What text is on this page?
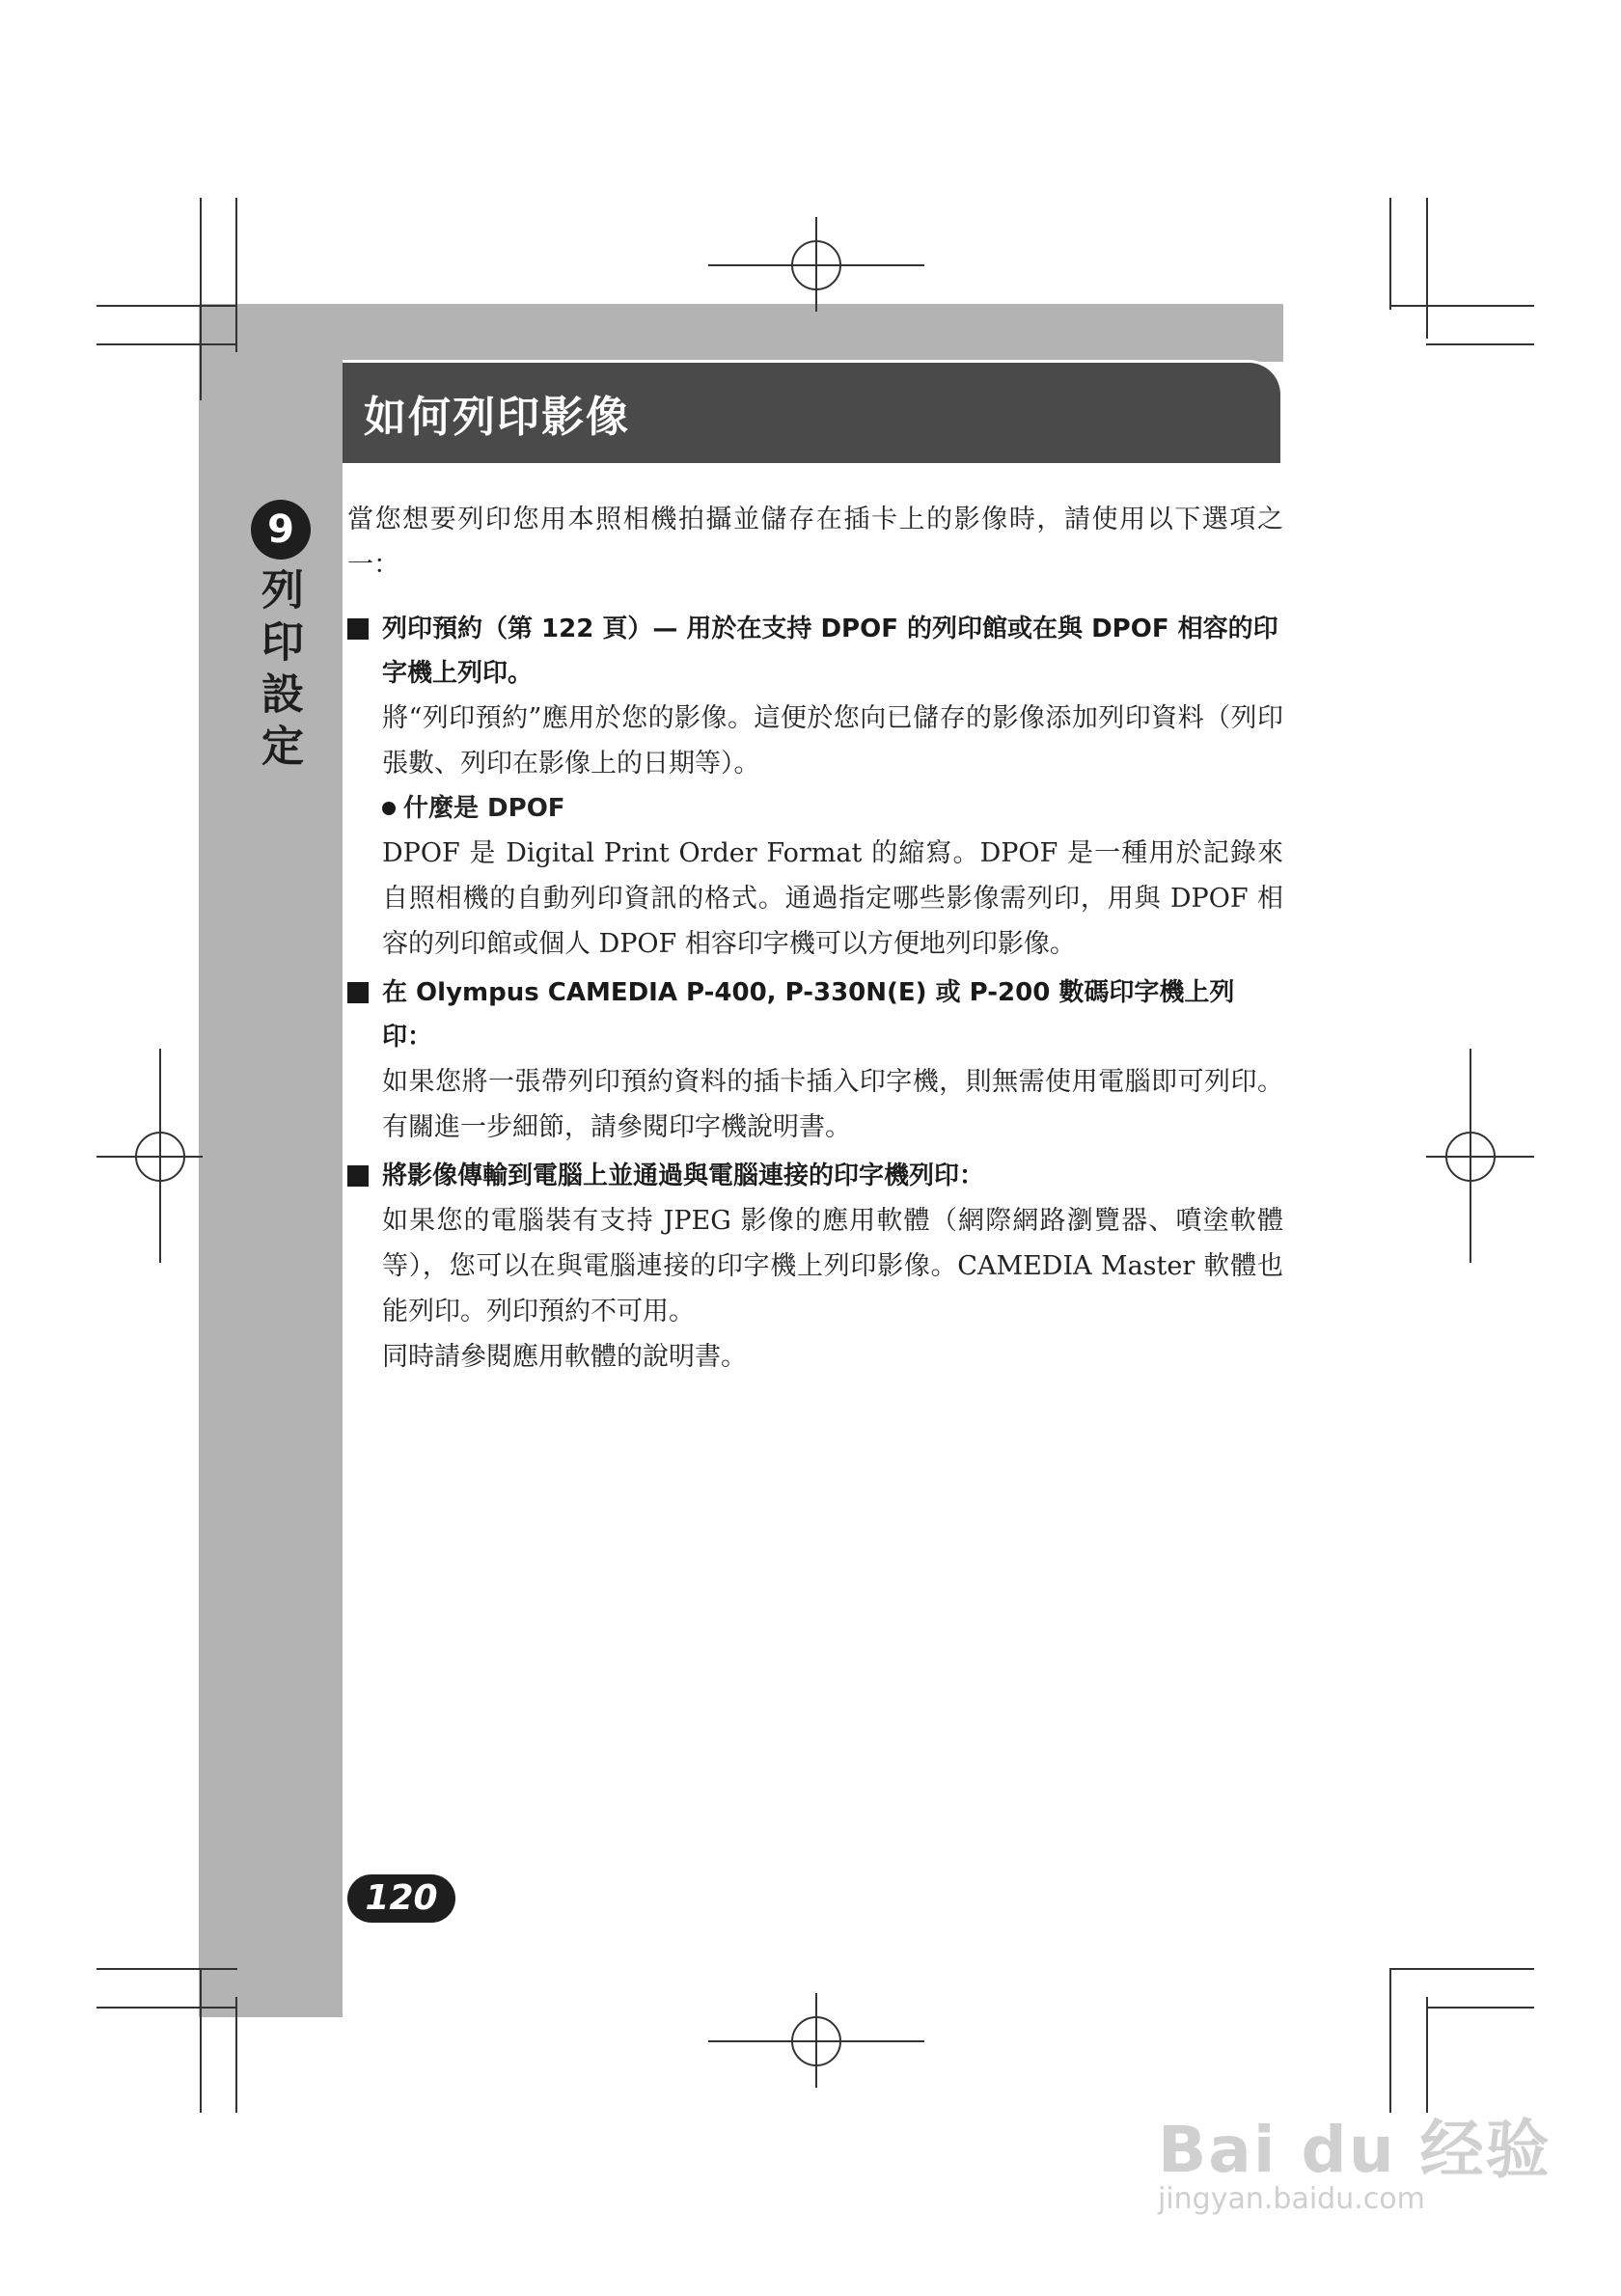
如何列印影像
9
列印設定

當您想要列印您用本照相機拍攝並儲存在插卡上的影像時，請使用以下選項之一：

列印預約（第 122 頁）— 用於在支持 DPOF 的列印館或在與 DPOF 相容的印字機上列印。

將“列印預約”應用於您的影像。這便於您向已儲存的影像添加列印資料（列印張數、列印在影像上的日期等）。

什麼是 DPOF

DPOF 是 Digital Print Order Format 的縮寫。DPOF 是一種用於記錄來自照相機的自動列印資訊的格式。通過指定哪些影像需列印，用與 DPOF 相容的列印館或個人 DPOF 相容印字機可以方便地列印影像。

在 Olympus CAMEDIA P-400, P-330N(E) 或 P-200 數碼印字機上列印：

如果您將一張帶列印預約資料的插卡插入印字機，則無需使用電腦即可列印。有關進一步細節，請參閱印字機說明書。

將影像傳輸到電腦上並通過與電腦連接的印字機列印：

如果您的電腦裝有支持 JPEG 影像的應用軟體（網際網路瀏覽器、噴塗軟體等），您可以在與電腦連接的印字機上列印影像。CAMEDIA Master 軟體也能列印。列印預約不可用。

同時請參閱應用軟體的說明書。

120
Bai du 经验
jingyan.baidu.com
